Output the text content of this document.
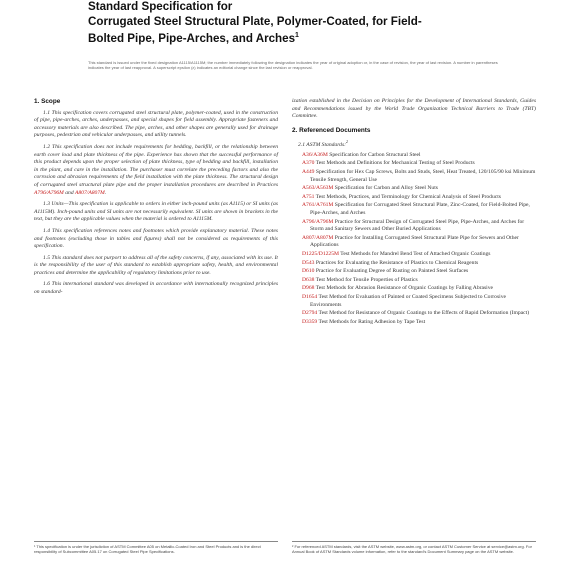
Standard Specification for
Corrugated Steel Structural Plate, Polymer-Coated, for Field-
Bolted Pipe, Pipe-Arches, and Arches$^1$
This standard is issued under the fixed designation A1115/A1115M; the number immediately following the designation indicates the year of original adoption or, in the case of revision, the year of last revision. A number in parentheses indicates the year of last reapproval. A superscript epsilon (ε) indicates an editorial change since the last revision or reapproval.
1. Scope

1.1 This specification covers corrugated steel structural plate, polymer-coated, used in the construction of pipe, pipe-arches, arches, underpasses, and special shapes for field assembly. Appropriate fasteners and accessory materials are also described. The pipe, arches, and other shapes are generally used for drainage purposes, pedestrian and vehicular underpasses, and utility tunnels.

1.2 This specification does not include requirements for bedding, backfill, or the relationship between earth cover load and plate thickness of the pipe. Experience has shown that the successful performance of this product depends upon the proper selection of plate thickness, type of bedding and backfill, installation in the plant, and care in the installation. The purchaser must correlate the preceding factors and also the corrosion and abrasion requirements of the field installation with the plate thickness. The structural design of corrugated steel structural plate pipe and the proper installation procedures are described in Practices A796/A796M and A807/A807M.

1.3 Units—This specification is applicable to orders in either inch-pound units (as A1115) or SI units (as A1115M). Inch-pound units and SI units are not necessarily equivalent. SI units are shown in brackets in the text, but they are the applicable values when the material is ordered to A1115M.

1.4 This specification references notes and footnotes which provide explanatory material. These notes and footnotes (excluding those in tables and figures) shall not be considered as requirements of this specification.

1.5 This standard does not purport to address all of the safety concerns, if any, associated with its use. It is the responsibility of the user of this standard to establish appropriate safety, health, and environmental practices and determine the applicability of regulatory limitations prior to use.

1.6 This international standard was developed in accordance with internationally recognized principles on standard-

ization established in the Decision on Principles for the Development of International Standards, Guides and Recommendations issued by the World Trade Organization Technical Barriers to Trade (TBT) Committee.

2. Referenced Documents
2.1 ASTM Standards:$^2$
A36/A36M Specification for Carbon Structural Steel
A370 Test Methods and Definitions for Mechanical Testing of Steel Products
A449 Specification for Hex Cap Screws, Bolts and Studs, Steel, Heat Treated, 120/105/90 ksi Minimum Tensile Strength, General Use
A563/A563M Specification for Carbon and Alloy Steel Nuts
A751 Test Methods, Practices, and Terminology for Chemical Analysis of Steel Products
A761/A761M Specification for Corrugated Steel Structural Plate, Zinc-Coated, for Field-Bolted Pipe, Pipe-Arches, and Arches
A796/A796M Practice for Structural Design of Corrugated Steel Pipe, Pipe-Arches, and Arches for Storm and Sanitary Sewers and Other Buried Applications
A807/A807M Practice for Installing Corrugated Steel Structural Plate Pipe for Sewers and Other Applications
D1225/D1225M Test Methods for Mandrel Bend Test of Attached Organic Coatings
D543 Practices for Evaluating the Resistance of Plastics to Chemical Reagents
D610 Practice for Evaluating Degree of Rusting on Painted Steel Surfaces
D638 Test Method for Tensile Properties of Plastics
D968 Test Methods for Abrasion Resistance of Organic Coatings by Falling Abrasive
D1654 Test Method for Evaluation of Painted or Coated Specimens Subjected to Corrosive Environments
D2794 Test Method for Resistance of Organic Coatings to the Effects of Rapid Deformation (Impact)
D3359 Test Methods for Rating Adhesion by Tape Test
¹ This specification is under the jurisdiction of ASTM Committee A05 on Metallic-Coated Iron and Steel Products and is the direct responsibility of Subcommittee A05.17 on Corrugated Steel Pipe Specifications.
² For referenced ASTM standards, visit the ASTM website, www.astm.org, or contact ASTM Customer Service at service@astm.org. For Annual Book of ASTM Standards volume information, refer to the standard's Document Summary page on the ASTM website.
